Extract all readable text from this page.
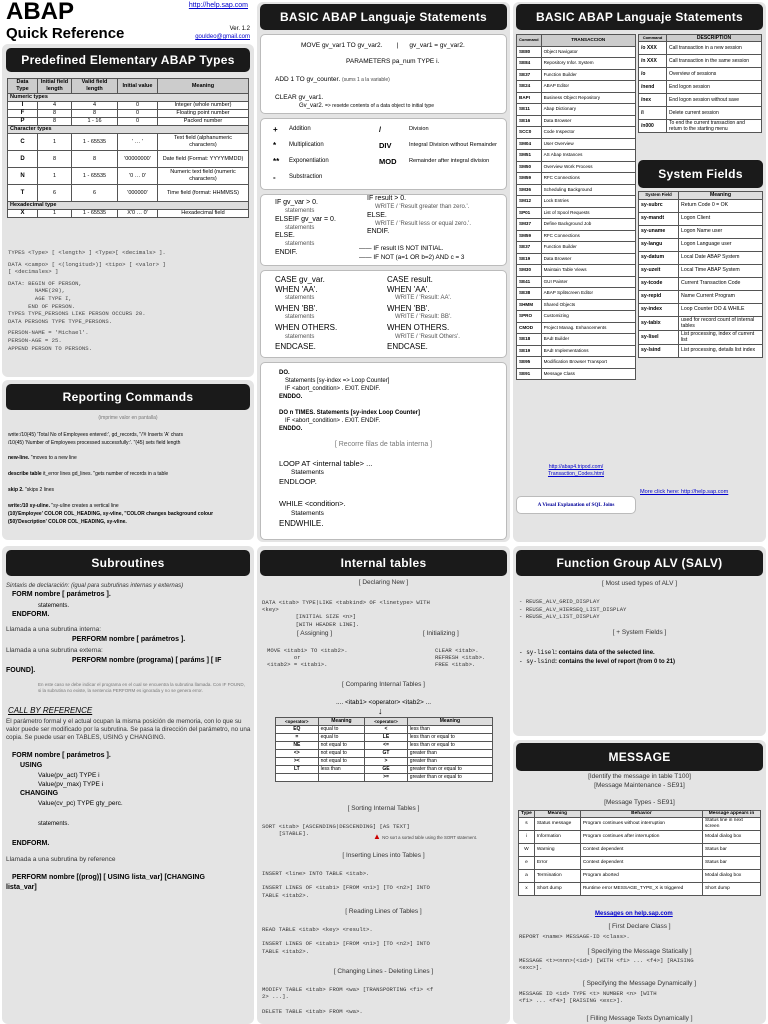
ABAP
Quick Reference
http://help.sap.com
Ver. 1.2
gouldeo@gmail.com
Predefined Elementary ABAP Types
Data Type	Initial field length	Valid field length	Initial value	Meaning
Numeric types				
I	4	4	0	Integer (whole number)
F	8	8	0	Floating point number
P	8	1 - 16	0	Packed number
Character types				
C	1	1 - 65535	' … '	Text field (alphanumeric characters)
D	8	8	'00000000'	Date field (Format: YYYYMMDD)
N	1	1 - 65535	'0 … 0'	Numeric text field (numeric characters)
T	6	6	'000000'	Time field (format: HHMMSS)
Hexadecimal type				
X	1	1 - 65535	X'0 … 0'	Hexadecimal field
TYPES <Type> [ <length> ] <Type>[ <decimals> ].
DATA <campo> [ <(longitud>)] <tipo> [ <valor> ]
[ <decimales> ]
DATA: BEGIN OF PERSON,
NAME(20),
AGE TYPE I,
END OF PERSON.
TYPES TYPE_PERSONS LIKE PERSON OCCURS 20.
DATA PERSONS TYPE TYPE_PERSONS.
PERSON-NAME = 'Michael'.
PERSON-AGE = 25.
APPEND PERSON TO PERSONS.
Reporting Commands
(imprime valor en pantalla)
write:/10(45) 'Total No of Employees entered:', gd_records, "/'# Inserts 'A' chars
/10(45) 'Number of Employees processed successfully:'. "(45) sets field length
new-line. "moves to a new line
describe table it_error lines gd_lines. "gets number of records in a table
skip 2. "skips 2 lines
write:/10 sy-uline. "sy-uline creates a vertical line
(10)'Employee' COLOR COL_HEADING, sy-vline, "COLOR changes background colour
(50)'Description' COLOR COL_HEADING, sy-vline.
Subroutines
Sintaxis de declaración: (igual para subrutinas internas y externas)
FORM nombre [ parámetros ].
statements.
ENDFORM.
Llamada a una subrutina interna:
PERFORM nombre [ parámetros ].
Llamada a una subrutina externa:
PERFORM nombre (programa) [ paráms ] [ IF
FOUND].
En este caso se debe indicar el programa en el cual se encuentra la subrutina llamada. Con IF FOUND, si la subrutina no existe, la sentencia PERFORM es ignorada y no se genera error.
CALL BY REFERENCE
El parámetro formal y el actual ocupan la misma posición de memoria, con lo que su valor puede ser modificado por la subrutina. Se pasa la dirección del parámetro, no una copia. Se puede usar en TABLES, USING y CHANGING.
FORM nombre [ parámetros ].
USING
Value(pv_act) TYPE i
Value(pv_max) TYPE i
CHANGING
Value(cv_pc) TYPE gty_perc.
statements.
ENDFORM.
Llamada a una subrutina by reference
PERFORM nombre [(prog)] [ USING lista_var] [CHANGING
lista_var]
BASIC ABAP Languaje Statements
MOVE gv_var1 TO gv_var2.        |      gv_var1 = gv_var2.
PARAMETERS pa_num TYPE i.
ADD 1 TO gv_counter. (sums 1 a la variable)
CLEAR gv_var1.
Gv_var2. => resetde contents of a data object to initial type
+ Addition	/	Division
* Multiplication	DIV	Integral Division without Remainder
** Exponentiation	MOD Remainder after integral division
- Substraction
IF gv_var > 0.
statements
ELSEIF gv_var = 0.
statements
ELSE.
statements
ENDIF.
IF result > 0.
WRITE / 'Result greater than zero.'.
ELSE.
WRITE / 'Result less or equal zero.'.
ENDIF.
—— IF result IS NOT INITIAL.
—— IF NOT (a=1 OR b=2) AND c = 3
CASE gv_var.
WHEN 'AA'.
statements
WHEN 'BB'.
statements
WHEN OTHERS.
statements
ENDCASE.
CASE result.
WHEN 'AA'.
WRITE / 'Result: AA'.
WHEN 'BB'.
WRITE / 'Result: BB'.
WHEN OTHERS.
WRITE / 'Result Others'.
ENDCASE.
DO.
Statements [sy-index => Loop Counter]
IF <abort_condition> . EXIT. ENDIF.
ENDDO.
DO n TIMES. Statements [sy-index Loop Counter]
IF <abort_condition> . EXIT. ENDIF.
ENDDO.
[ Recorre filas de tabla interna ]
LOOP AT <internal table> ...
Statements
ENDLOOP.
WHILE <condition>.
Statements
ENDWHILE.
Internal tables
[ Declaring New ]
DATA <itab> TYPE|LIKE <tabkind> OF <linetype> WITH
<key>
[INITIAL SIZE <n>]
[WITH HEADER LINE].
[ Assigning ]	[ Initializing ]
MOVE <itab1> TO <itab2>.
or
<itab2> = <itab1>.
CLEAR <itab>.
REFRESH <itab>.
FREE <itab>.
[ Comparing Internal Tables ]
.... <itab1> <operator> <itab2> ...
↓
<operator>	Meaning	<operator>	Meaning
EQ	equal to	<	less than
=	equal to	LE	less than or equal to
NE	not equal to	<=	less than or equal to
<>	not equal to	GT	greater than
><	not equal to	>	greater than
LT	less than	GE	greater than or equal to
		>=	greater than or equal to
[ Sorting Internal Tables ]
SORT <itab> [ASCENDING|DESCENDING] [AS TEXT]
[STABLE].	▲ NO sort a sorted table using the SORT statement.
[ Inserting Lines into Tables ]
INSERT <line> INTO TABLE <itab>.

INSERT LINES OF <itab1> [FROM <n1>] [TO <n2>] INTO
TABLE <itab2>.
[ Reading Lines of Tables ]
READ TABLE <itab> <key> <result>.

INSERT LINES OF <itab1> [FROM <n1>] [TO <n2>] INTO
TABLE <itab2>.
[ Changing Lines - Deleting Lines ]
MODIFY TABLE <itab> FROM <wa> [TRANSPORTING <f1> <f
2> ...].

DELETE TABLE <itab> FROM <wa>.
BASIC ABAP Languaje Statements
Command	TRANSACCION
SE80	Object Navigator
SE84	Repository Infor. System
SE37	Function Builder
SE24	ABAP Editor
BAPI	Business Object Repository
SE11	Abap Dictionary
SE16	Data Browser
SCC0	Code Inspector
SM04	User Overview
SM51	AS Abap Instances
SM50	Overview Work Process
SM59	RFC Connections
SM36	Scheduling Background
SM12	Lock Entries
SP01	List of Spool Requests
SM37	Define Background Job
SM59	RFC Connections
SE37	Function Builder
SE19	Data Browser
SM30	Maintain Table Views
SE41	GUI Painter
SE38	ABAP Splitscreen Editor
SHMM	Shared Objects
SPRO	Customizing
CMOD	Project Manag. Enhancements
SE18	BAdI Builder
SE19	BAdI Implementations
SE95	Modification Browser Transport
SE91	Message Class
Command	DESCRIPTION
/o XXX	Call transaction in a new session
/n XXX	Call transaction in the same session
/o	Overview of sessions
/nend	End logon session
/nex	End logon session without save
/i	Delete current session
/n000	To end the current transaction and return to the starting menu
System Fields
System Field	Meaning
sy-subrc	Return Code 0 = OK
sy-mandt	Logon Client
sy-uname	Logon Name user
sy-langu	Logon Language user
sy-datum	Local Date ABAP System
sy-uzeit	Local Time ABAP System
sy-tcode	Current Transaction Code
sy-repid	Name Current Program
sy-index	Loop Counter DO & WHILE
sy-tabix	used for record count of internal tables
sy-lisel	List processing, index of current list
sy-lsind	List processing, details list index
http://abap4.tripod.com/
Transaction_Codes.html
A Visual Explanation of SQL Joins
More click here: http://help.sap.com
Function Group ALV (SALV)
[ Most used types of ALV ]
- REUSE_ALV_GRID_DISPLAY
- REUSE_ALV_HIERSEQ_LIST_DISPLAY
- REUSE_ALV_LIST_DISPLAY
[ + System Fields ]
- sy-lisel: contains data of the selected line.
- sy-lsind: contains the level of report (from 0 to 21)
MESSAGE
[Identify the message in table T100]
[Message Maintenance - SE91]
[Message Types - SE91]
Type	Meaning	Behavior	Message appears in
s	Status message	Program continues without interruption	Status line in next screen
i	Information	Program continues after interruption	Modal dialog box
W	Warning	Context dependent	Status bar
e	Error	Context dependent	Status bar
a	Termination	Program aborted	Modal dialog box
x	Short dump	Runtime error MESSAGE_TYPE_X is triggered	Short dump
Messages on help.sap.com
[ First Declare Class ]
REPORT <name> MESSAGE-ID <class>.
[ Specifying the Message Statically ]
MESSAGE <t><nnn>(<id>) [WITH <f1> ... <f4>] [RAISING
<exc>].
[ Specifying the Message Dynamically ]
MESSAGE ID <id> TYPE <t> NUMBER <n> [WITH
<f1> ... <f4>] [RAISING <exc>].
[ Filling Message Texts Dynamically ]
